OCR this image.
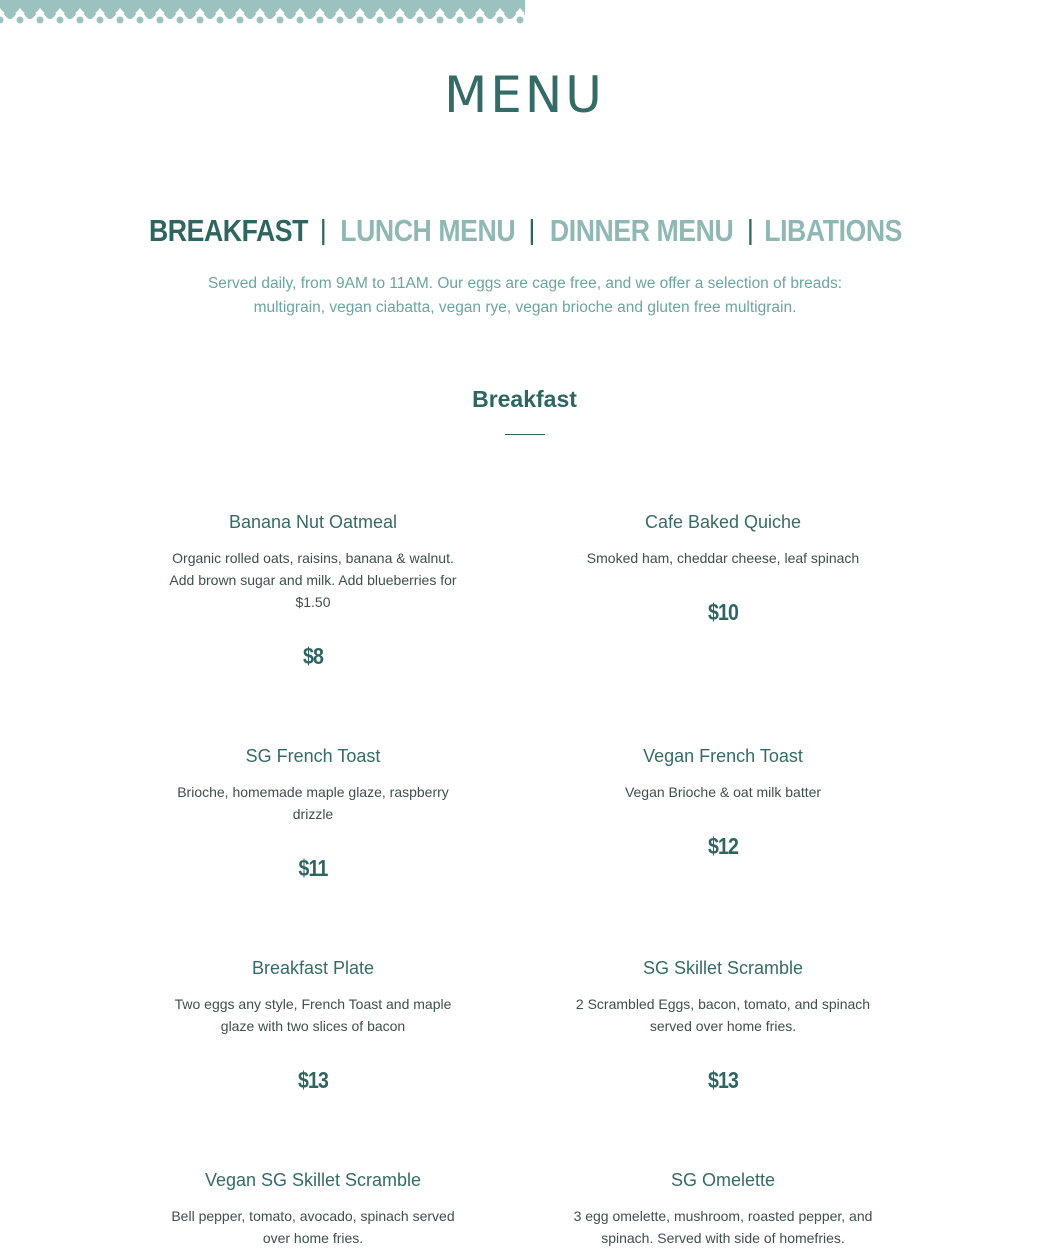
MENU
BREAKFAST | LUNCH MENU | DINNER MENU | LIBATIONS

Served daily, from 9AM to 11AM. Our eggs are cage free, and we offer a selection of breads: multigrain, vegan ciabatta, vegan rye, vegan brioche and gluten free multigrain.

Breakfast
Banana Nut Oatmeal
Organic rolled oats, raisins, banana & walnut. Add brown sugar and milk. Add blueberries for $1.50
$8
Cafe Baked Quiche
Smoked ham, cheddar cheese, leaf spinach
$10
SG French Toast
Brioche, homemade maple glaze, raspberry drizzle
$11
Vegan French Toast
Vegan Brioche & oat milk batter
$12
Breakfast Plate
Two eggs any style, French Toast and maple glaze with two slices of bacon
$13
SG Skillet Scramble
2 Scrambled Eggs, bacon, tomato, and spinach served over home fries.
$13
Vegan SG Skillet Scramble
Bell pepper, tomato, avocado, spinach served over home fries.
SG Omelette
3 egg omelette, mushroom, roasted pepper, and spinach. Served with side of homefries.
